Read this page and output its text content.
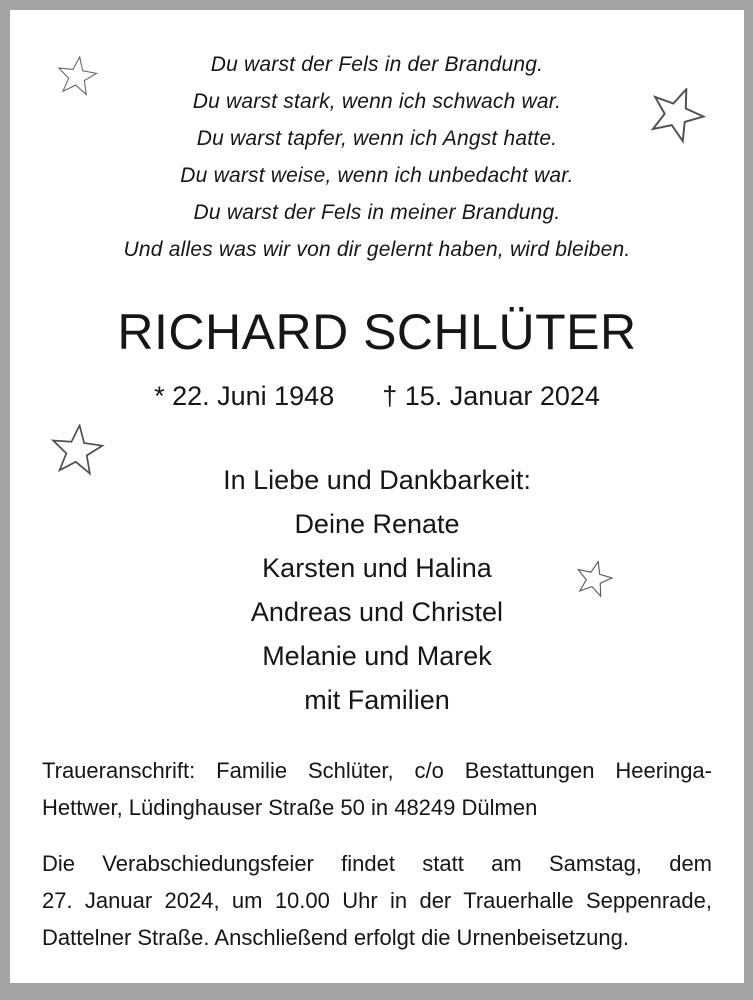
Du warst der Fels in der Brandung.
Du warst stark, wenn ich schwach war.
Du warst tapfer, wenn ich Angst hatte.
Du warst weise, wenn ich unbedacht war.
Du warst der Fels in meiner Brandung.
Und alles was wir von dir gelernt haben, wird bleiben.
RICHARD SCHLÜTER
* 22. Juni 1948 † 15. Januar 2024
In Liebe und Dankbarkeit:
Deine Renate
Karsten und Halina
Andreas und Christel
Melanie und Marek
mit Familien
Traueranschrift: Familie Schlüter, c/o Bestattungen Heeringa-
Hettwer, Lüdinghauser Straße 50 in 48249 Dülmen
Die Verabschiedungsfeier findet statt am Samstag, dem
27. Januar 2024, um 10.00 Uhr in der Trauerhalle Seppenrade,
Dattelner Straße. Anschließend erfolgt die Urnenbeisetzung.
